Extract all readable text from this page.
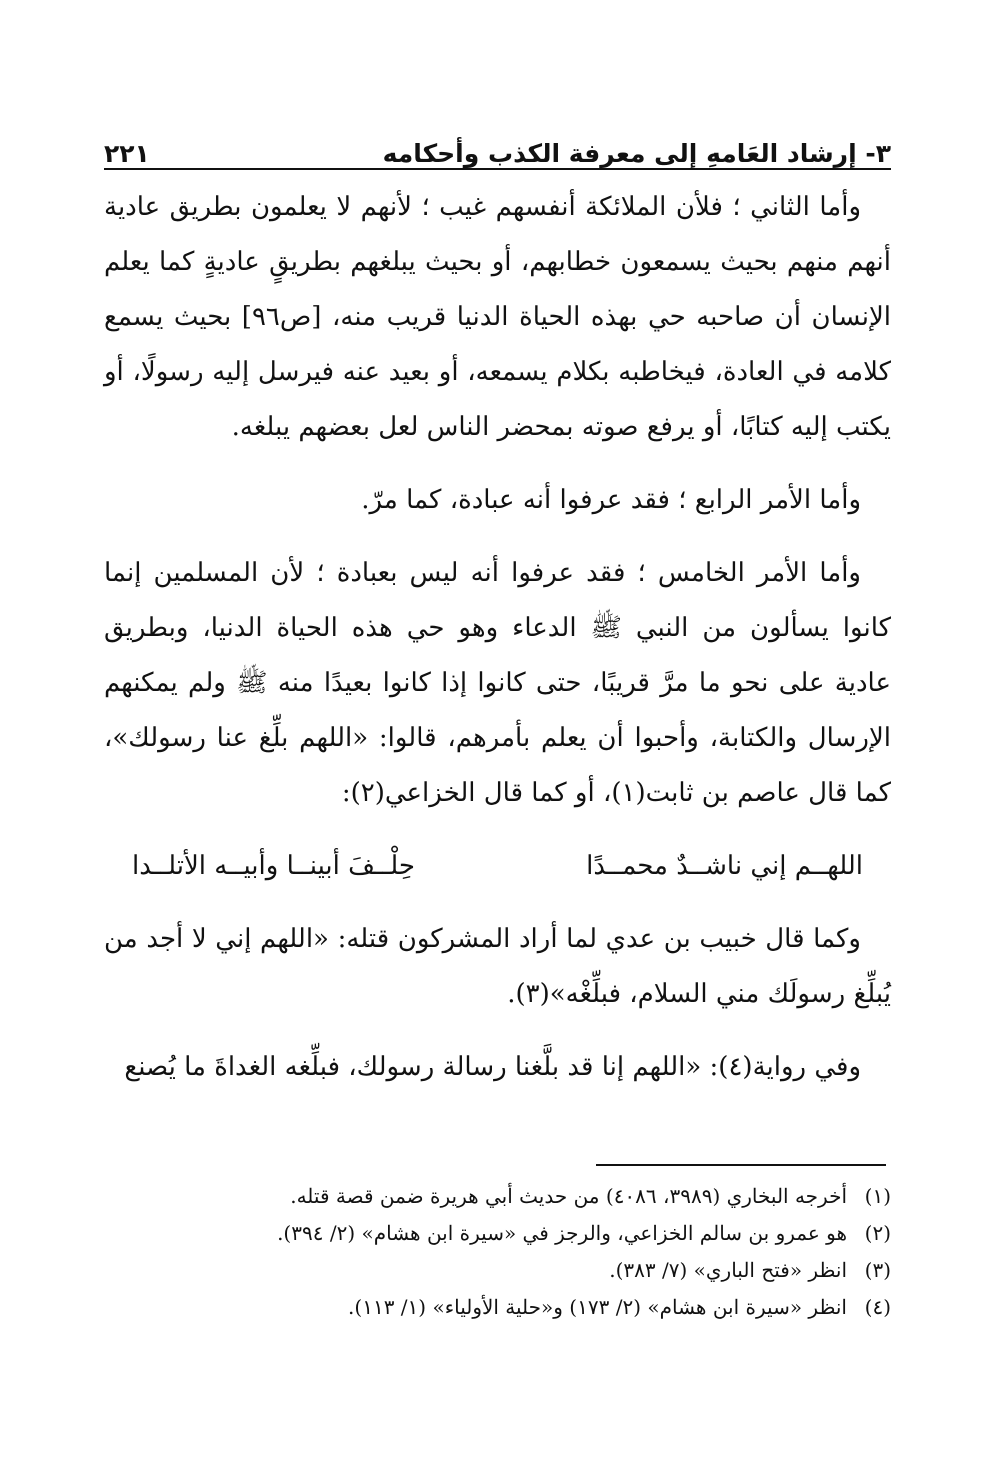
٣- إرشاد العَامهِ إلى معرفة الكذب وأحكامه
٢٢١

وأما الثاني ؛ فلأن الملائكة أنفسهم غيب ؛ لأنهم لا يعلمون بطريق عادية أنهم منهم بحيث يسمعون خطابهم، أو بحيث يبلغهم بطريقٍ عاديةٍ كما يعلم الإنسان أن صاحبه حي بهذه الحياة الدنيا قريب منه، [ص٩٦] بحيث يسمع كلامه في العادة، فيخاطبه بكلام يسمعه، أو بعيد عنه فيرسل إليه رسولًا، أو يكتب إليه كتابًا، أو يرفع صوته بمحضر الناس لعل بعضهم يبلغه.

وأما الأمر الرابع ؛ فقد عرفوا أنه عبادة، كما مرّ.

وأما الأمر الخامس ؛ فقد عرفوا أنه ليس بعبادة ؛ لأن المسلمين إنما كانوا يسألون من النبي ﷺ الدعاء وهو حي هذه الحياة الدنيا، وبطريق عادية على نحو ما مرَّ قريبًا، حتى كانوا إذا كانوا بعيدًا منه ﷺ ولم يمكنهم الإرسال والكتابة، وأحبوا أن يعلم بأمرهم، قالوا: «اللهم بلِّغ عنا رسولك»، كما قال عاصم بن ثابت(١)، أو كما قال الخزاعي(٢):

اللهــم إني ناشــدٌ محمــدًا
حِلْــفَ أبينــا وأبيــه الأتلــدا

وكما قال خبيب بن عدي لما أراد المشركون قتله: «اللهم إني لا أجد من يُبلِّغ رسولَك مني السلام، فبلِّغْه»(٣).

وفي رواية(٤): «اللهم إنا قد بلَّغنا رسالة رسولك، فبلِّغه الغداةَ ما يُصنع

(١)
أخرجه البخاري (٣٩٨٩، ٤٠٨٦) من حديث أبي هريرة ضمن قصة قتله.

(٢)
هو عمرو بن سالم الخزاعي، والرجز في «سيرة ابن هشام» (٢/ ٣٩٤).

(٣)
انظر «فتح الباري» (٧/ ٣٨٣).

(٤)
انظر «سيرة ابن هشام» (٢/ ١٧٣) و«حلية الأولياء» (١/ ١١٣).
